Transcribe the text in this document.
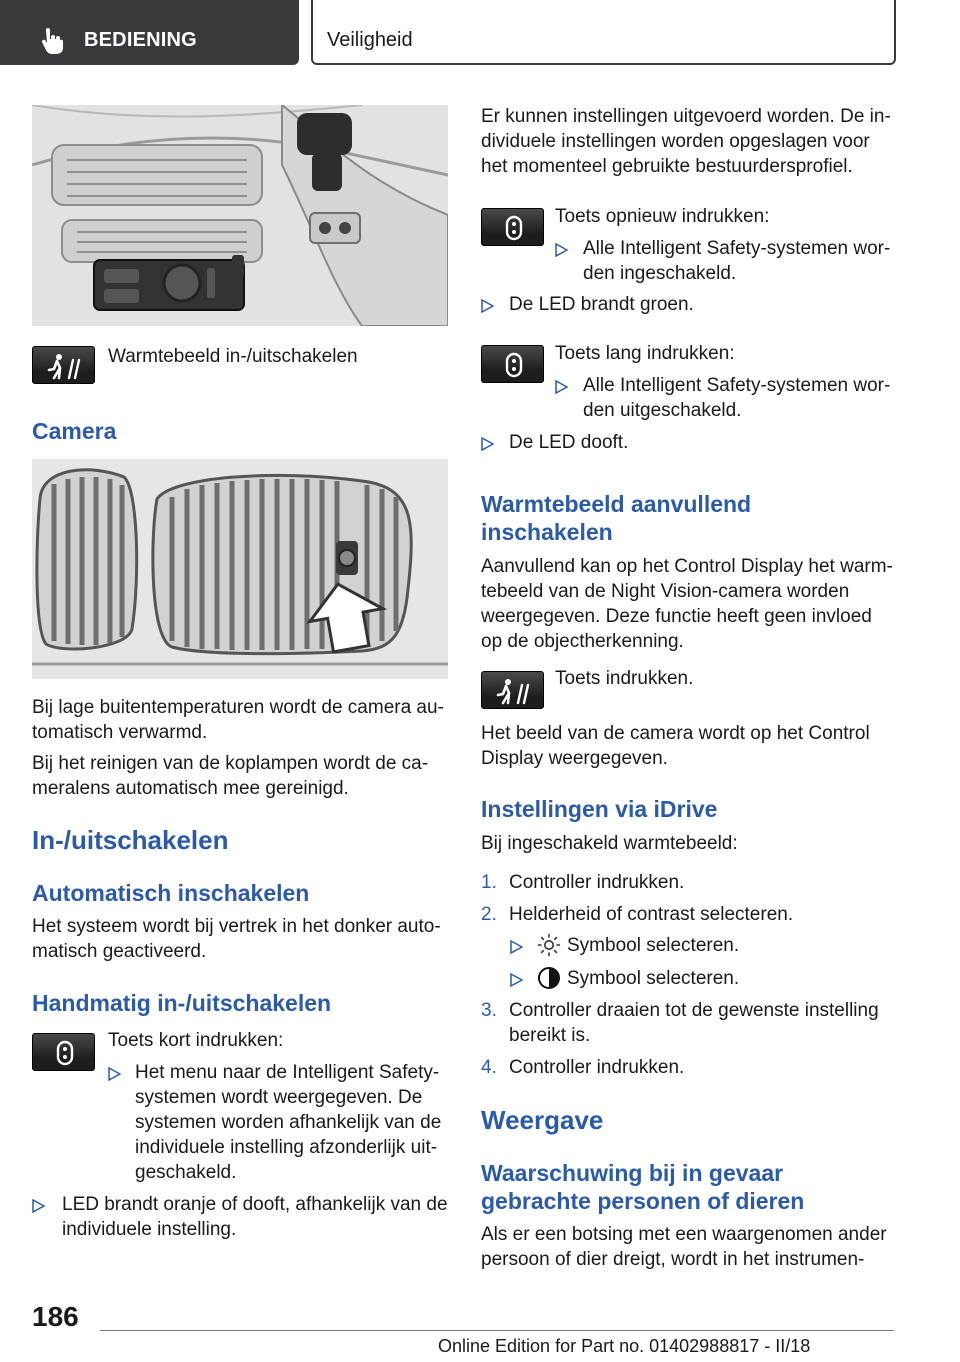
BEDIENING	Veiligheid
Warmtebeeld in-/uitschakelen
Camera
Bij lage buitentemperaturen wordt de camera au‐
tomatisch verwarmd.
Bij het reinigen van de koplampen wordt de ca‐
meralens automatisch mee gereinigd.
In-/uitschakelen
Automatisch inschakelen
Het systeem wordt bij vertrek in het donker auto‐
matisch geactiveerd.
Handmatig in-/uitschakelen
Toets kort indrukken:
Het menu naar de Intelligent Safety-
systemen wordt weergegeven. De
systemen worden afhankelijk van de
individuele instelling afzonderlijk uit‐
geschakeld.
LED brandt oranje of dooft, afhankelijk van de
individuele instelling.
Er kunnen instellingen uitgevoerd worden. De in‐
dividuele instellingen worden opgeslagen voor
het momenteel gebruikte bestuurdersprofiel.
Toets opnieuw indrukken:
Alle Intelligent Safety-systemen wor‐
den ingeschakeld.
De LED brandt groen.
Toets lang indrukken:
Alle Intelligent Safety-systemen wor‐
den uitgeschakeld.
De LED dooft.
Warmtebeeld aanvullend
inschakelen
Aanvullend kan op het Control Display het warm‐
tebeeld van de Night Vision-camera worden
weergegeven. Deze functie heeft geen invloed
op de objectherkenning.
Toets indrukken.
Het beeld van de camera wordt op het Control
Display weergegeven.
Instellingen via iDrive
Bij ingeschakeld warmtebeeld:
1. Controller indrukken.
2. Helderheid of contrast selecteren.
Symbool selecteren.
Symbool selecteren.
3. Controller draaien tot de gewenste instelling
bereikt is.
4. Controller indrukken.
Weergave
Waarschuwing bij in gevaar
gebrachte personen of dieren
Als er een botsing met een waargenomen ander
persoon of dier dreigt, wordt in het instrumen‐
186
Online Edition for Part no. 01402988817 - II/18
